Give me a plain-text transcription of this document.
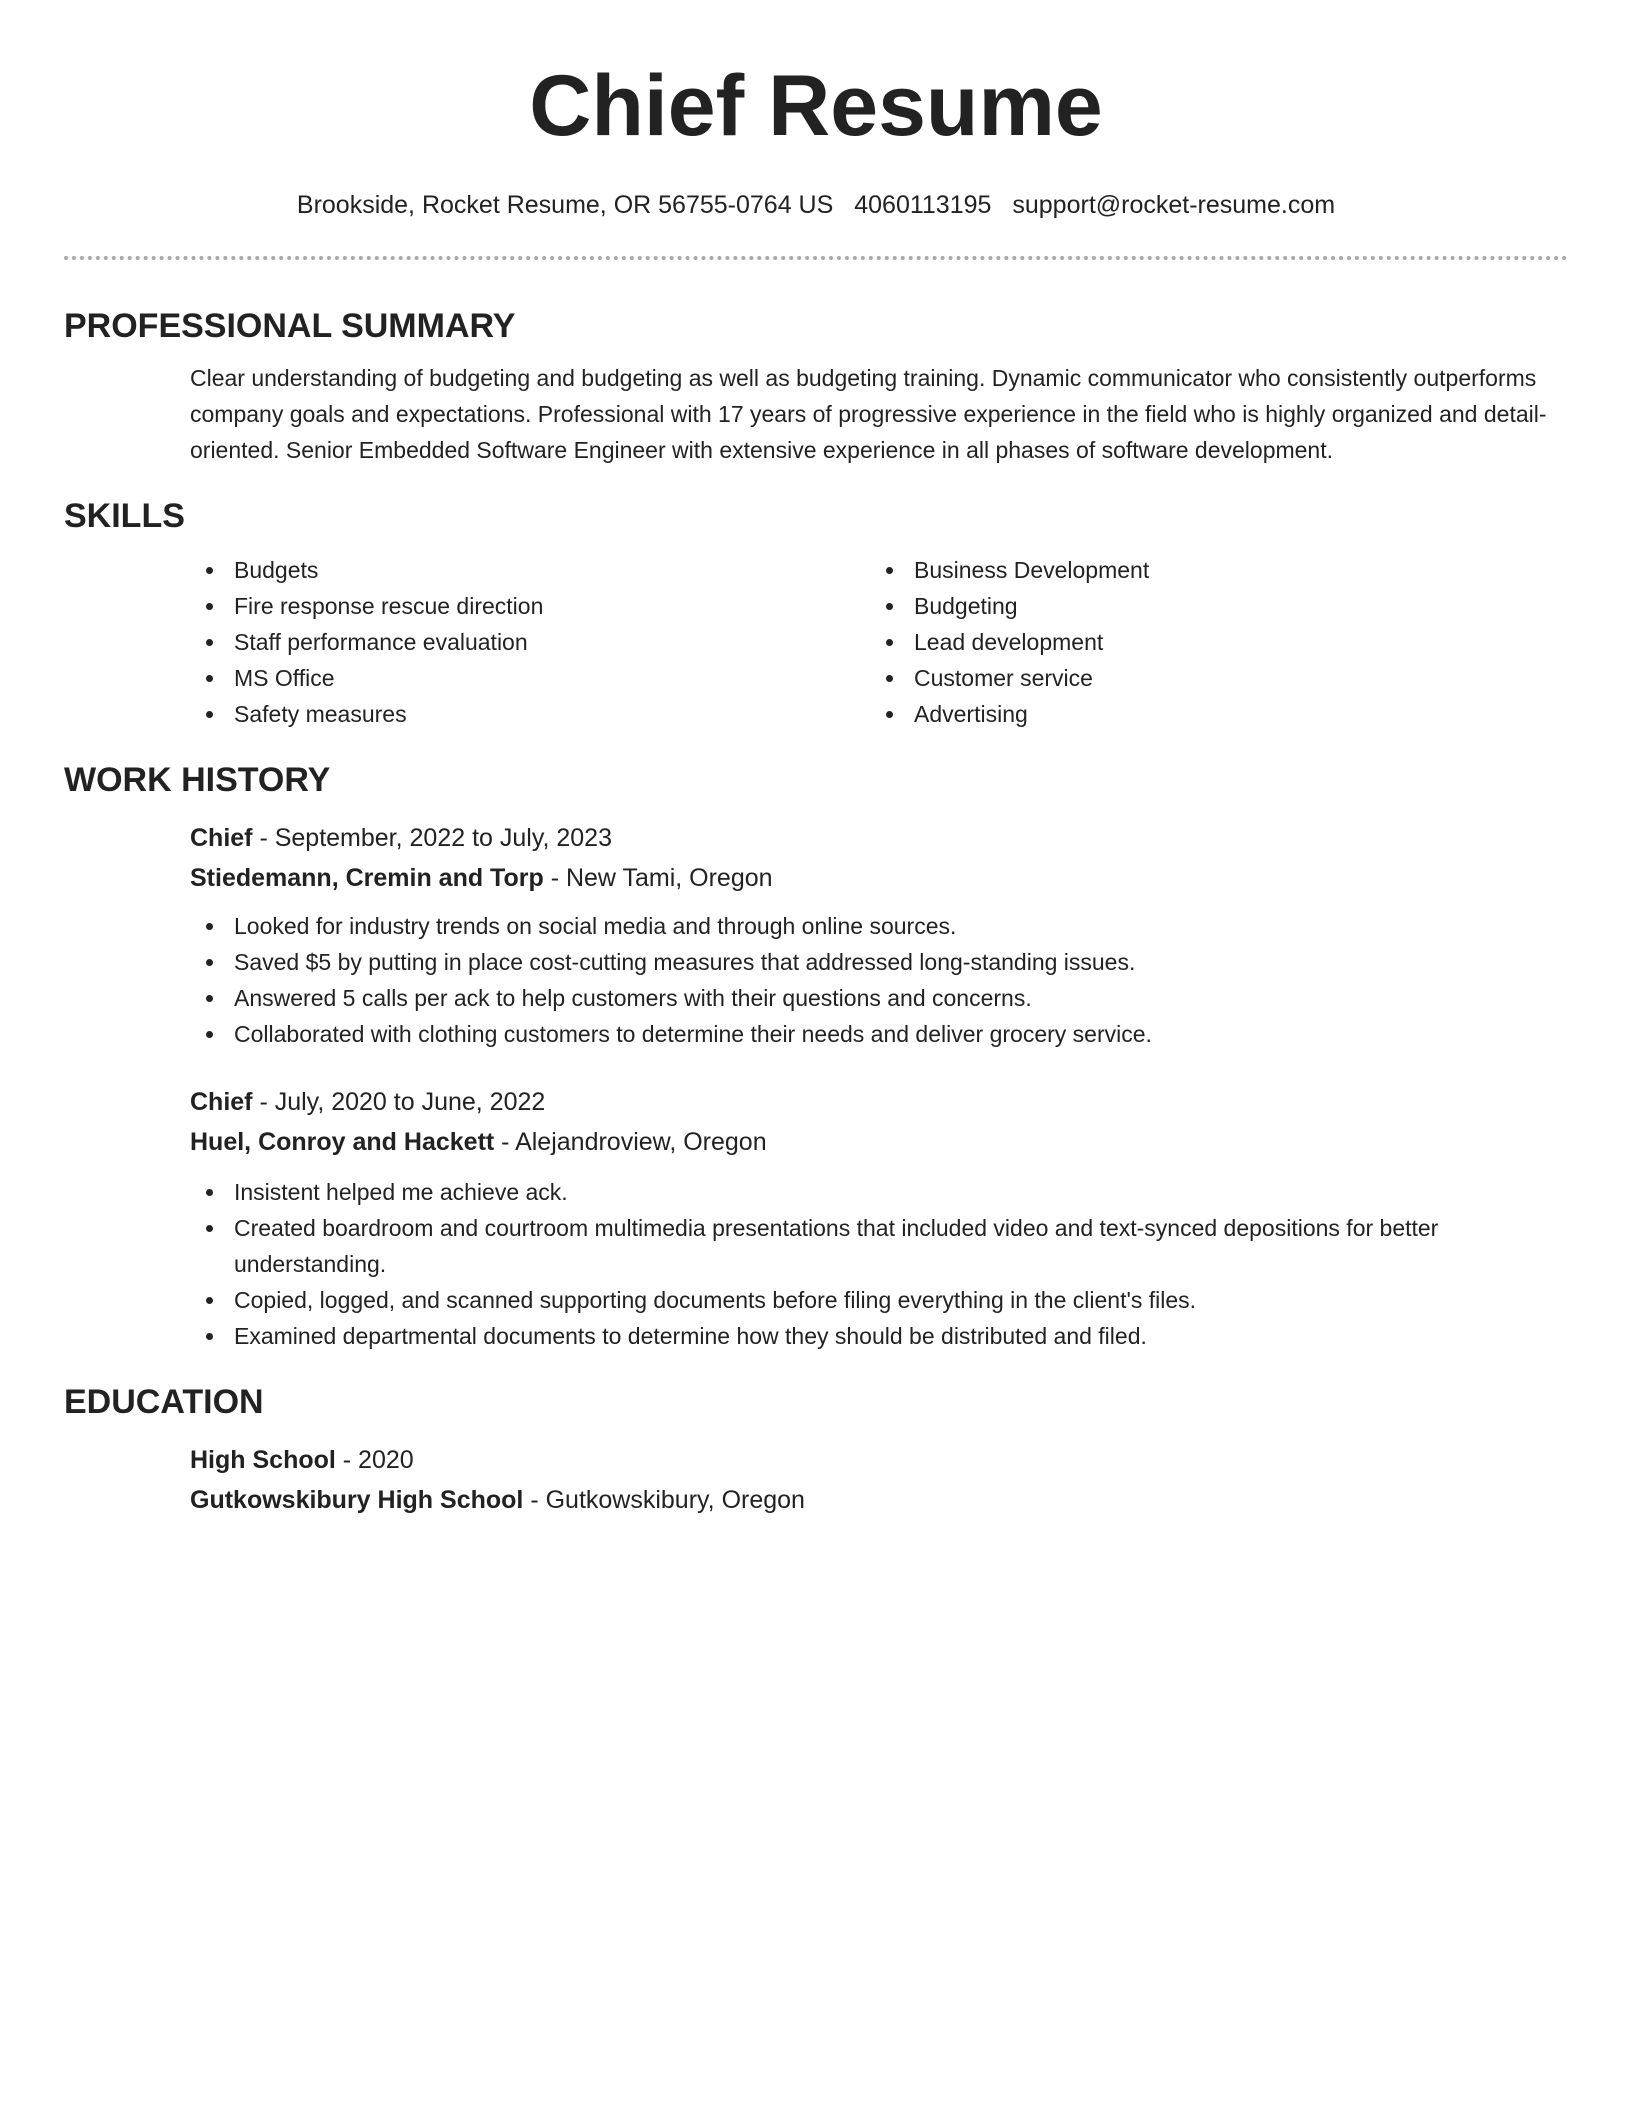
Chief Resume
Brookside, Rocket Resume, OR 56755-0764 US 4060113195 support@rocket-resume.com
PROFESSIONAL SUMMARY

Clear understanding of budgeting and budgeting as well as budgeting training. Dynamic communicator who consistently outperforms company goals and expectations. Professional with 17 years of progressive experience in the field who is highly organized and detail-oriented. Senior Embedded Software Engineer with extensive experience in all phases of software development.

SKILLS
Budgets
Fire response rescue direction
Staff performance evaluation
MS Office
Safety measures
Business Development
Budgeting
Lead development
Customer service
Advertising
WORK HISTORY
Chief - September, 2022 to July, 2023
Stiedemann, Cremin and Torp - New Tami, Oregon
Looked for industry trends on social media and through online sources.
Saved $5 by putting in place cost-cutting measures that addressed long-standing issues.
Answered 5 calls per ack to help customers with their questions and concerns.
Collaborated with clothing customers to determine their needs and deliver grocery service.
Chief - July, 2020 to June, 2022
Huel, Conroy and Hackett - Alejandroview, Oregon
Insistent helped me achieve ack.
Created boardroom and courtroom multimedia presentations that included video and text-synced depositions for better understanding.
Copied, logged, and scanned supporting documents before filing everything in the client's files.
Examined departmental documents to determine how they should be distributed and filed.
EDUCATION
High School - 2020
Gutkowskibury High School - Gutkowskibury, Oregon
